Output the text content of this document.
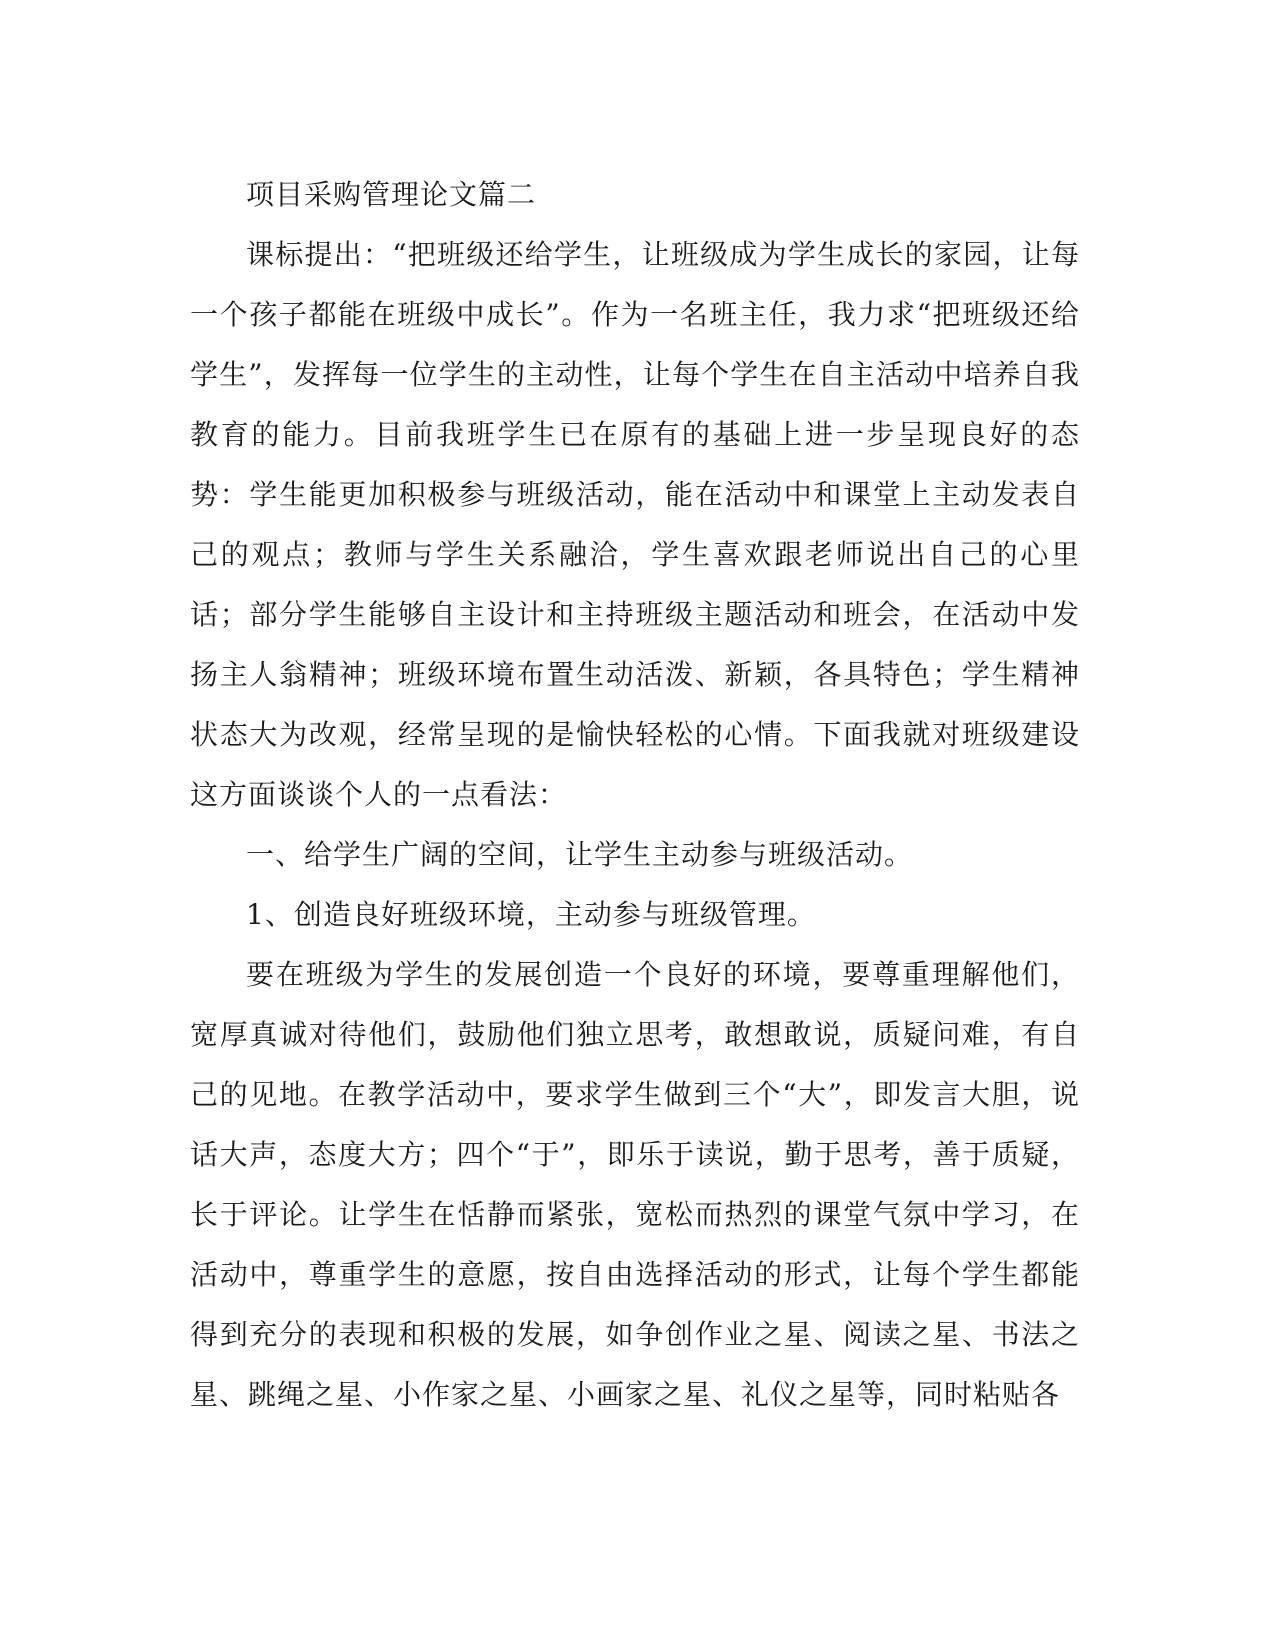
项目采购管理论文篇二

课标提出：“把班级还给学生，让班级成为学生成长的家园，让每一个孩子都能在班级中成长”。作为一名班主任，我力求“把班级还给学生”，发挥每一位学生的主动性，让每个学生在自主活动中培养自我教育的能力。目前我班学生已在原有的基础上进一步呈现良好的态势：学生能更加积极参与班级活动，能在活动中和课堂上主动发表自己的观点；教师与学生关系融洽，学生喜欢跟老师说出自己的心里话；部分学生能够自主设计和主持班级主题活动和班会，在活动中发扬主人翁精神；班级环境布置生动活泼、新颖，各具特色；学生精神状态大为改观，经常呈现的是愉快轻松的心情。下面我就对班级建设这方面谈谈个人的一点看法：

一、给学生广阔的空间，让学生主动参与班级活动。

1、创造良好班级环境，主动参与班级管理。

要在班级为学生的发展创造一个良好的环境，要尊重理解他们，宽厚真诚对待他们，鼓励他们独立思考，敢想敢说，质疑问难，有自己的见地。在教学活动中，要求学生做到三个“大”，即发言大胆，说话大声，态度大方；四个“于”，即乐于读说，勤于思考，善于质疑，长于评论。让学生在恬静而紧张，宽松而热烈的课堂气氛中学习，在活动中，尊重学生的意愿，按自由选择活动的形式，让每个学生都能得到充分的表现和积极的发展，如争创作业之星、阅读之星、书法之星、跳绳之星、小作家之星、小画家之星、礼仪之星等，同时粘贴各
